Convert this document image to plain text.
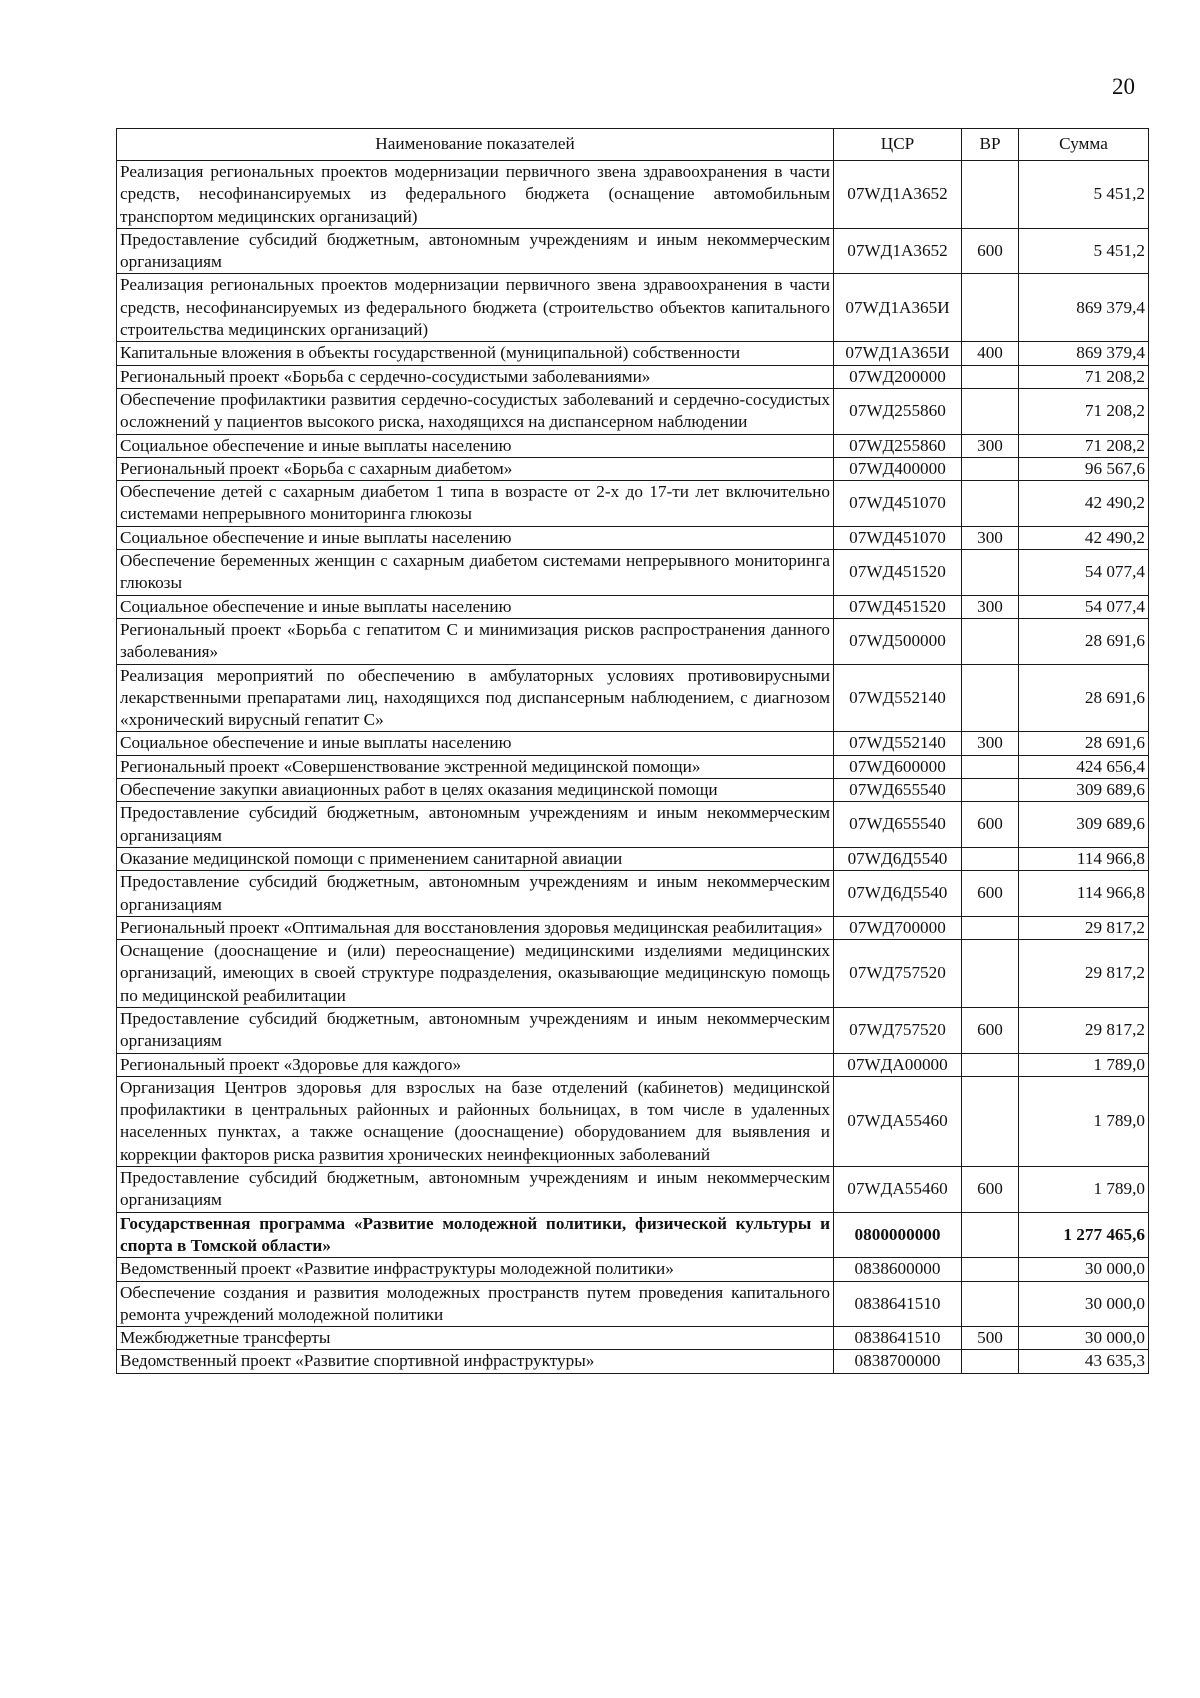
20
Наименование показателей	ЦСР	ВР	Сумма
Реализация региональных проектов модернизации первичного звена здравоохранения в части средств, несофинансируемых из федерального бюджета (оснащение автомобильным транспортом медицинских организаций)	07WД1А3652		5 451,2
Предоставление субсидий бюджетным, автономным учреждениям и иным некоммерческим организациям	07WД1А3652	600	5 451,2
Реализация региональных проектов модернизации первичного звена здравоохранения в части средств, несофинансируемых из федерального бюджета (строительство объектов капитального строительства медицинских организаций)	07WД1А365И		869 379,4
Капитальные вложения в объекты государственной (муниципальной) собственности	07WД1А365И	400	869 379,4
Региональный проект «Борьба с сердечно-сосудистыми заболеваниями»	07WД200000		71 208,2
Обеспечение профилактики развития сердечно-сосудистых заболеваний и сердечно-сосудистых осложнений у пациентов высокого риска, находящихся на диспансерном наблюдении	07WД255860		71 208,2
Социальное обеспечение и иные выплаты населению	07WД255860	300	71 208,2
Региональный проект «Борьба с сахарным диабетом»	07WД400000		96 567,6
Обеспечение детей с сахарным диабетом 1 типа в возрасте от 2-х до 17-ти лет включительно системами непрерывного мониторинга глюкозы	07WД451070		42 490,2
Социальное обеспечение и иные выплаты населению	07WД451070	300	42 490,2
Обеспечение беременных женщин с сахарным диабетом системами непрерывного мониторинга глюкозы	07WД451520		54 077,4
Социальное обеспечение и иные выплаты населению	07WД451520	300	54 077,4
Региональный проект «Борьба с гепатитом С и минимизация рисков распространения данного заболевания»	07WД500000		28 691,6
Реализация мероприятий по обеспечению в амбулаторных условиях противовирусными лекарственными препаратами лиц, находящихся под диспансерным наблюдением, с диагнозом «хронический вирусный гепатит С»	07WД552140		28 691,6
Социальное обеспечение и иные выплаты населению	07WД552140	300	28 691,6
Региональный проект «Совершенствование экстренной медицинской помощи»	07WД600000		424 656,4
Обеспечение закупки авиационных работ в целях оказания медицинской помощи	07WД655540		309 689,6
Предоставление субсидий бюджетным, автономным учреждениям и иным некоммерческим организациям	07WД655540	600	309 689,6
Оказание медицинской помощи с применением санитарной авиации	07WД6Д5540		114 966,8
Предоставление субсидий бюджетным, автономным учреждениям и иным некоммерческим организациям	07WД6Д5540	600	114 966,8
Региональный проект «Оптимальная для восстановления здоровья медицинская реабилитация»	07WД700000		29 817,2
Оснащение (дооснащение и (или) переоснащение) медицинскими изделиями медицинских организаций, имеющих в своей структуре подразделения, оказывающие медицинскую помощь по медицинской реабилитации	07WД757520		29 817,2
Предоставление субсидий бюджетным, автономным учреждениям и иным некоммерческим организациям	07WД757520	600	29 817,2
Региональный проект «Здоровье для каждого»	07WДА00000		1 789,0
Организация Центров здоровья для взрослых на базе отделений (кабинетов) медицинской профилактики в центральных районных и районных больницах, в том числе в удаленных населенных пунктах, а также оснащение (дооснащение) оборудованием для выявления и коррекции факторов риска развития хронических неинфекционных заболеваний	07WДА55460		1 789,0
Предоставление субсидий бюджетным, автономным учреждениям и иным некоммерческим организациям	07WДА55460	600	1 789,0
Государственная программа «Развитие молодежной политики, физической культуры и спорта в Томской области»	0800000000		1 277 465,6
Ведомственный проект «Развитие инфраструктуры молодежной политики»	0838600000		30 000,0
Обеспечение создания и развития молодежных пространств путем проведения капитального ремонта учреждений молодежной политики	0838641510		30 000,0
Межбюджетные трансферты	0838641510	500	30 000,0
Ведомственный проект «Развитие спортивной инфраструктуры»	0838700000		43 635,3
